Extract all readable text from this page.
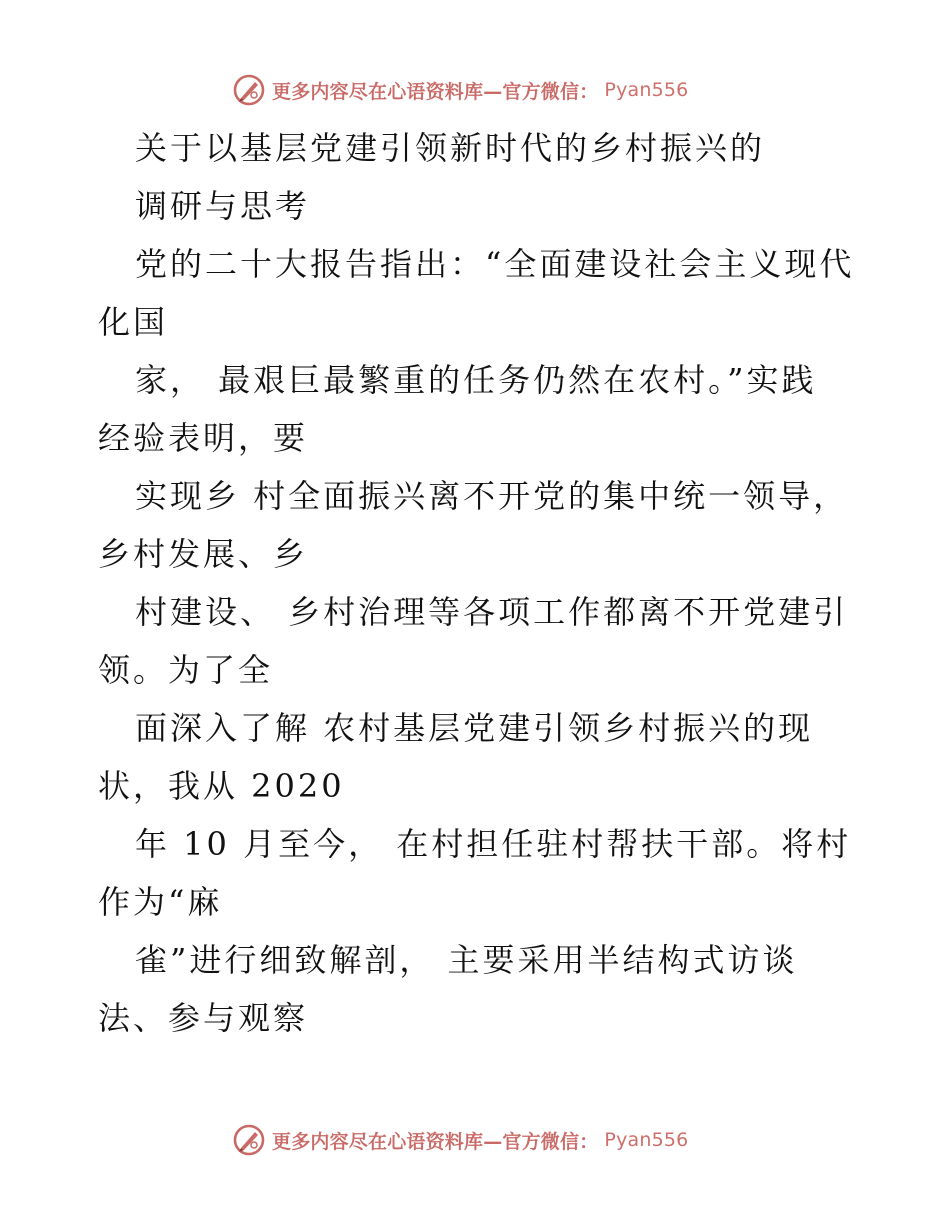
更多内容尽在心语资料库—官方微信： Pyan556
关于以基层党建引领新时代的乡村振兴的
调研与思考
党的二十大报告指出：“全面建设社会主义现代
化国
家， 最艰巨最繁重的任务仍然在农村。”实践
经验表明，要
实现乡 村全面振兴离不开党的集中统一领导，
乡村发展、乡
村建设、 乡村治理等各项工作都离不开党建引
领。为了全
面深入了解 农村基层党建引领乡村振兴的现
状，我从 2020
年 10 月至今， 在村担任驻村帮扶干部。将村
作为“麻
雀”进行细致解剖， 主要采用半结构式访谈
法、参与观察
更多内容尽在心语资料库—官方微信： Pyan556
